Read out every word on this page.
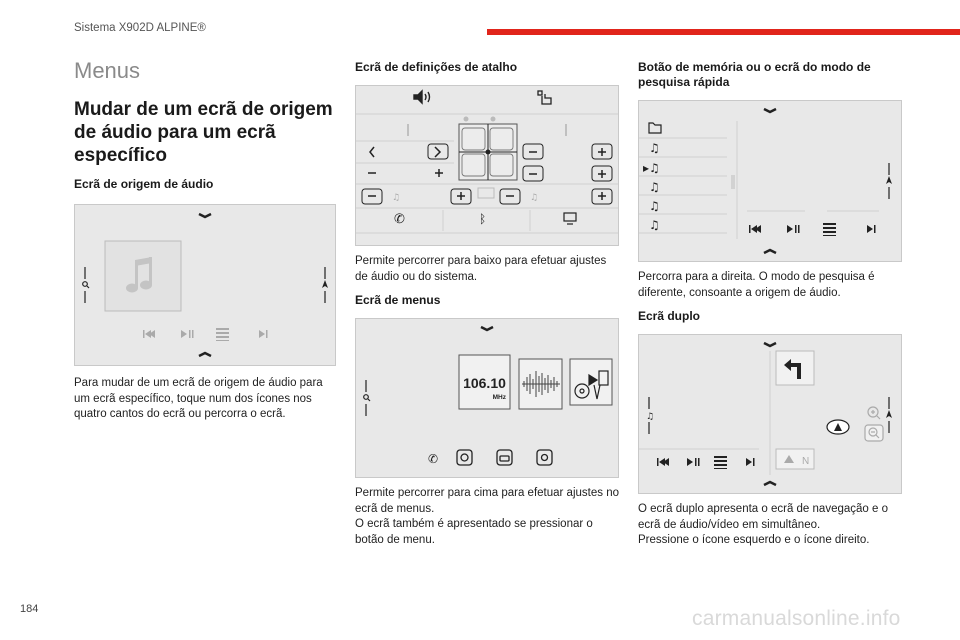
Sistema X902D ALPINE®
Menus
Mudar de um ecrã de origem de áudio para um ecrã específico
Ecrã de origem de áudio
Para mudar de um ecrã de origem de áudio para um ecrã específico, toque num dos ícones nos quatro cantos do ecrã ou percorra o ecrã.
Ecrã de definições de atalho
♫	♫
✆	ᛒ
Permite percorrer para baixo para efetuar ajustes de áudio ou do sistema.
Ecrã de menus
106.10
MHz
✆
Permite percorrer para cima para efetuar ajustes no ecrã de menus.
O ecrã também é apresentado se pressionar o botão de menu.
Botão de memória ou o ecrã do modo de pesquisa rápida
♫
▸♫
♫
♫
♫
Percorra para a direita. O modo de pesquisa é diferente, consoante a origem de áudio.
Ecrã duplo
♫
N
O ecrã duplo apresenta o ecrã de navegação e o ecrã de áudio/vídeo em simultâneo.
Pressione o ícone esquerdo e o ícone direito.
184	carmanualsonline.info
